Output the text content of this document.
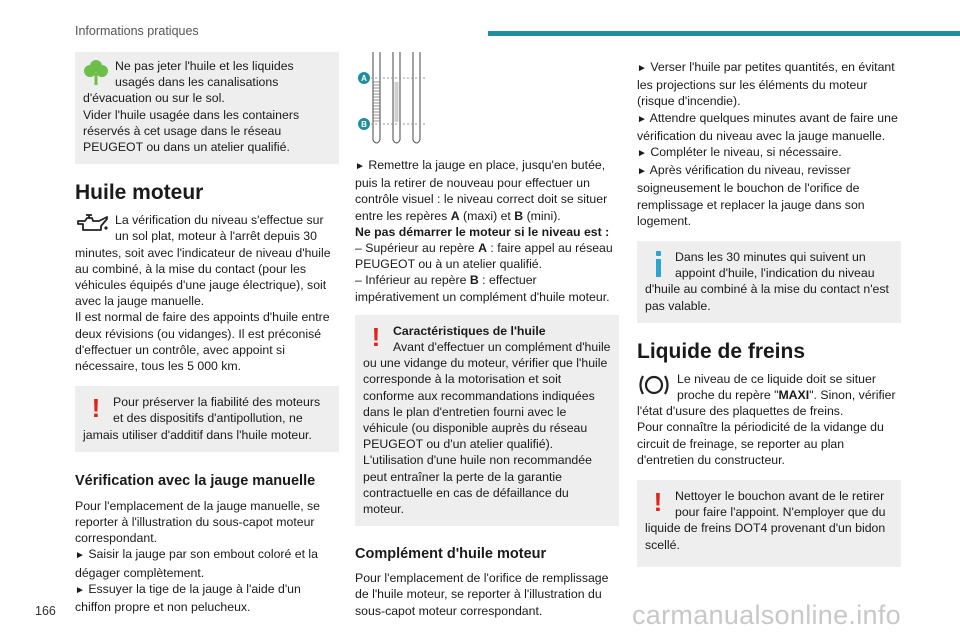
Informations pratiques

Ne pas jeter l'huile et les liquides usagés dans les canalisations d'évacuation ou sur le sol.

Vider l'huile usagée dans les containers réservés à cet usage dans le réseau PEUGEOT ou dans un atelier qualifié.

Huile moteur

La vérification du niveau s'effectue sur un sol plat, moteur à l'arrêt depuis 30 minutes, soit avec l'indicateur de niveau d'huile au combiné, à la mise du contact (pour les véhicules équipés d'une jauge électrique), soit avec la jauge manuelle.

Il est normal de faire des appoints d'huile entre deux révisions (ou vidanges). Il est préconisé d'effectuer un contrôle, avec appoint si nécessaire, tous les 5 000 km.

!	Pour préserver la fiabilité des moteurs et des dispositifs d'antipollution, ne jamais utiliser d'additif dans l'huile moteur.

Vérification avec la jauge manuelle

Pour l'emplacement de la jauge manuelle, se reporter à l'illustration du sous-capot moteur correspondant.

► Saisir la jauge par son embout coloré et la dégager complètement.

► Essuyer la tige de la jauge à l'aide d'un chiffon propre et non pelucheux.

A
B

► Remettre la jauge en place, jusqu'en butée, puis la retirer de nouveau pour effectuer un contrôle visuel : le niveau correct doit se situer entre les repères A (maxi) et B (mini).

Ne pas démarrer le moteur si le niveau est :

– Supérieur au repère A : faire appel au réseau PEUGEOT ou à un atelier qualifié.

– Inférieur au repère B : effectuer impérativement un complément d'huile moteur.

!	Caractéristiques de l'huile

Avant d'effectuer un complément d'huile ou une vidange du moteur, vérifier que l'huile corresponde à la motorisation et soit conforme aux recommandations indiquées dans le plan d'entretien fourni avec le véhicule (ou disponible auprès du réseau PEUGEOT ou d'un atelier qualifié).

L'utilisation d'une huile non recommandée peut entraîner la perte de la garantie contractuelle en cas de défaillance du moteur.

Complément d'huile moteur

Pour l'emplacement de l'orifice de remplissage de l'huile moteur, se reporter à l'illustration du sous-capot moteur correspondant.

► Verser l'huile par petites quantités, en évitant les projections sur les éléments du moteur (risque d'incendie).

► Attendre quelques minutes avant de faire une vérification du niveau avec la jauge manuelle.

► Compléter le niveau, si nécessaire.

► Après vérification du niveau, revisser soigneusement le bouchon de l'orifice de remplissage et replacer la jauge dans son logement.

Dans les 30 minutes qui suivent un appoint d'huile, l'indication du niveau d'huile au combiné à la mise du contact n'est pas valable.

Liquide de freins

Le niveau de ce liquide doit se situer proche du repère "MAXI". Sinon, vérifier l'état d'usure des plaquettes de freins.

Pour connaître la périodicité de la vidange du circuit de freinage, se reporter au plan d'entretien du constructeur.

!	Nettoyer le bouchon avant de le retirer pour faire l'appoint. N'employer que du liquide de freins DOT4 provenant d'un bidon scellé.

166	carmanualsonline.info
